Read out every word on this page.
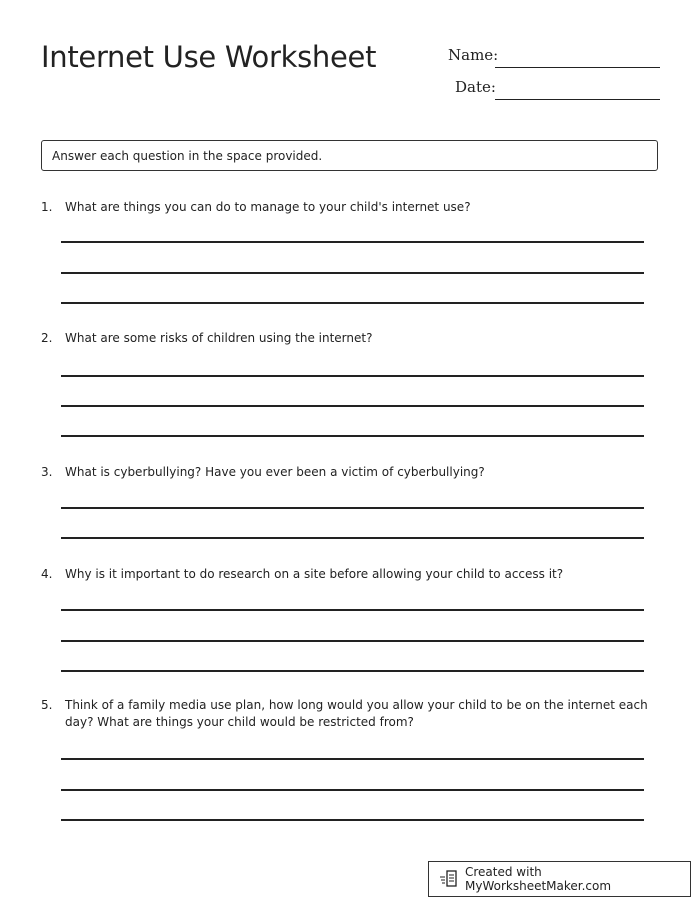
Internet Use Worksheet	Name:
Date:
Answer each question in the space provided.
1. What are things you can do to manage to your child's internet use?
2. What are some risks of children using the internet?
3. What is cyberbullying? Have you ever been a victim of cyberbullying?
4. Why is it important to do research on a site before allowing your child to access it?
5. Think of a family media use plan, how long would you allow your child to be on the internet each
day? What are things your child would be restricted from?
Created with MyWorksheetMaker.com
